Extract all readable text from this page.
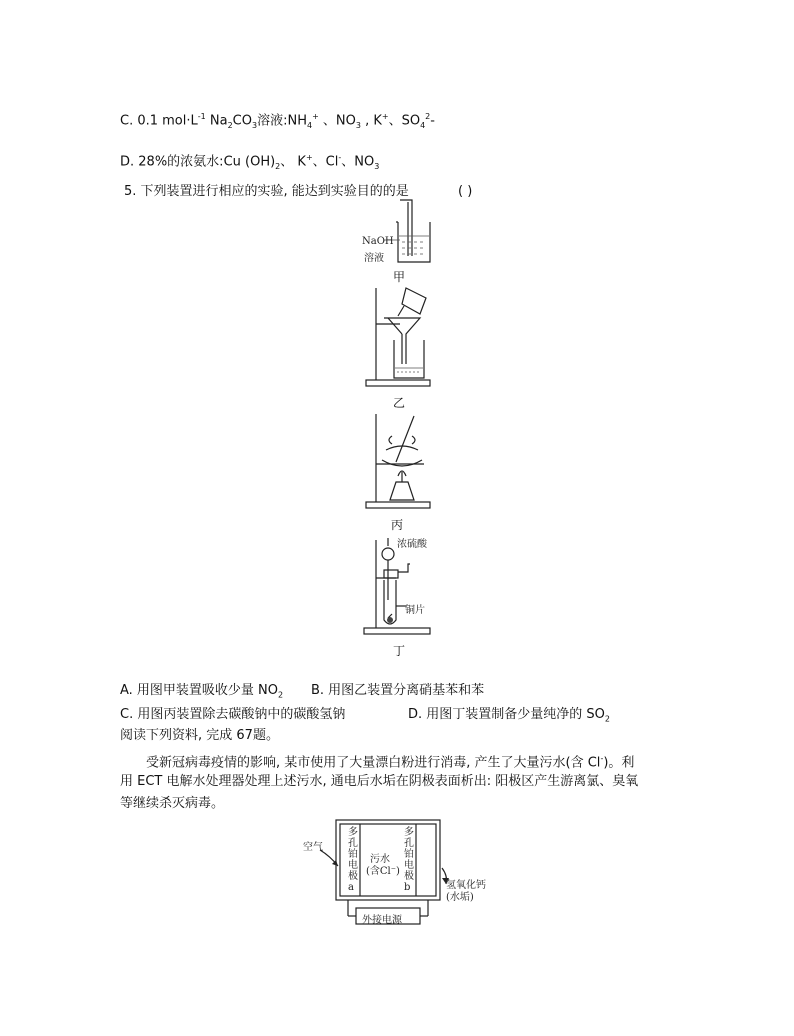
C. 0.1 $mol\cdot L^{-1}$ $Na_2CO_3$溶液$:NH_4^+$ 、$NO_3$ , K+、$SO_4^2-$
D. 28%的浓氨水:Cu $(OH)_2$、 K+、Cl-、$NO_3$
5. 下列装置进行相应的实验, 能达到实验目的的是	( )
NaOH
溶液
甲
乙
丙
浓硫酸
铜片
丁
A. 用图甲装置吸收少量 $NO_2$ B. 用图乙装置分离硝基苯和苯
C. 用图丙装置除去碳酸钠中的碳酸氢钠	D. 用图丁装置制备少量纯净的 $SO_2$
阅读下列资料, 完成 67题。
受新冠病毒疫情的影响, 某市使用了大量漂白粉进行消毒, 产生了大量污水(含 Cl-)。利
用 ECT 电解水处理器处理上述污水, 通电后水垢在阴极表面析出: 阳极区产生游离氯、臭氧
等继续杀灭病毒。
空气
多
孔
铂
电
极
a
多
孔
铂
电
极
b
污水
(含Cl⁻)
氢氧化钙
(水垢)
外接电源
